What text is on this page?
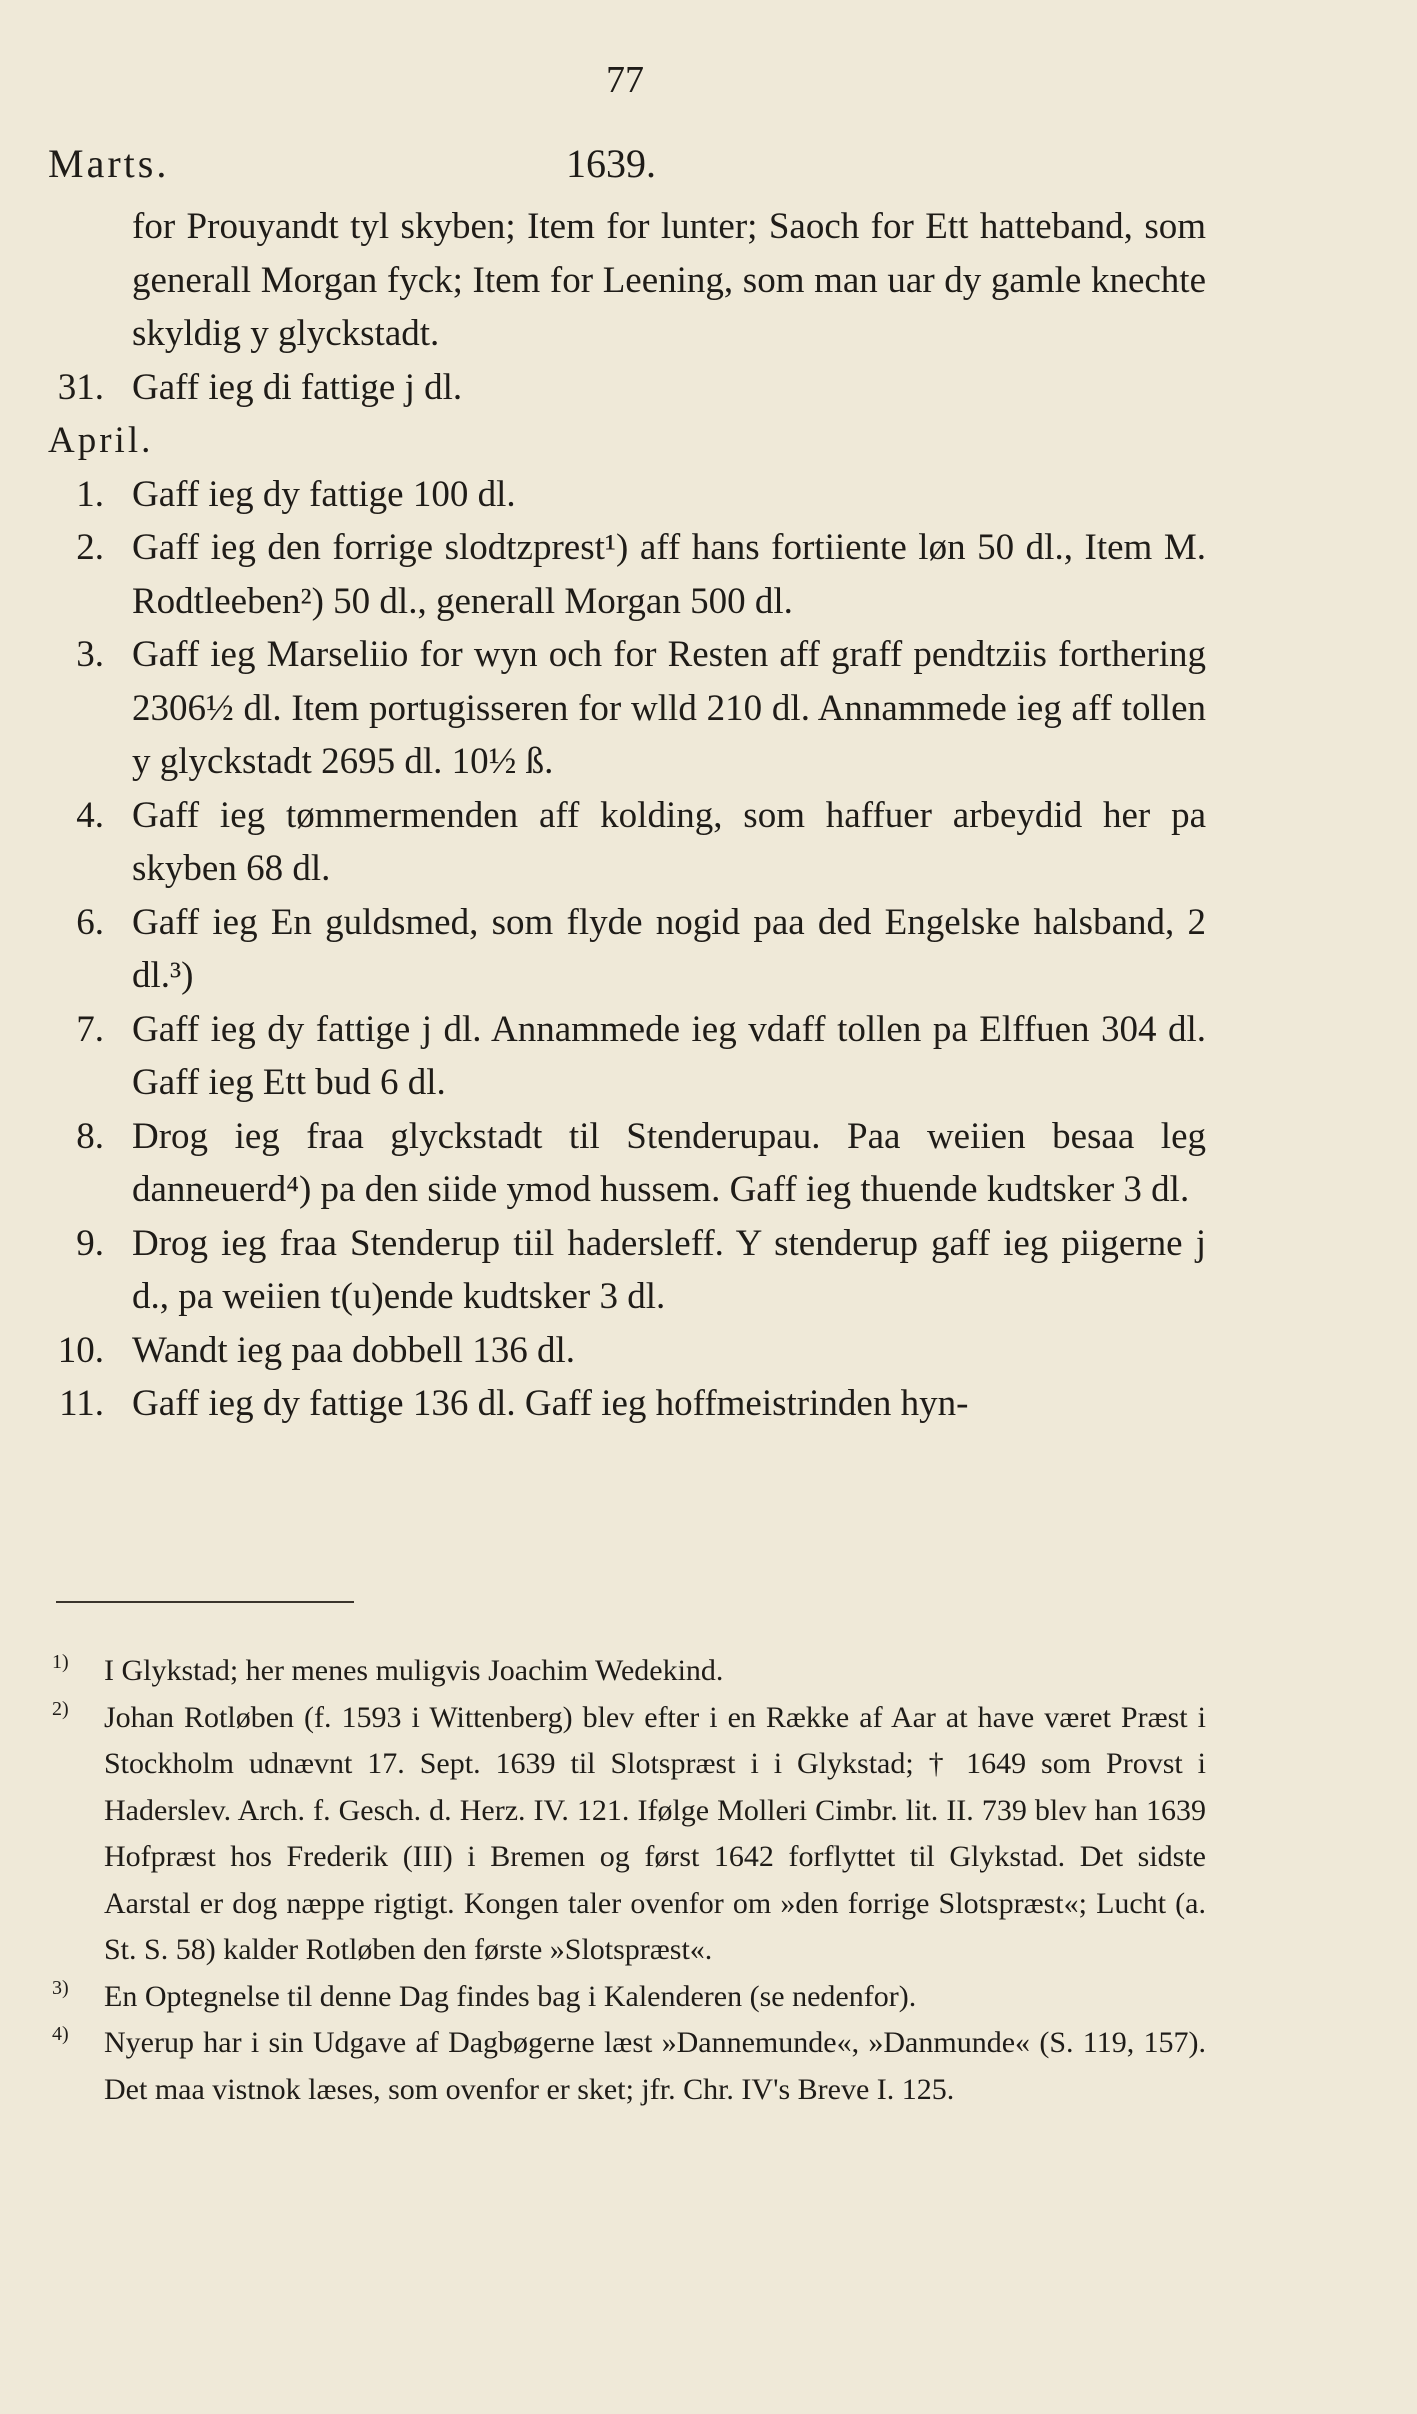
77
Marts.	1639.
for Prouyandt tyl skyben; Item for lunter; Saoch for Ett hatteband, som generall Morgan fyck; Item for Leening, som man uar dy gamle knechte skyldig y glyckstadt.
31. Gaff ieg di fattige j dl.
April.
1. Gaff ieg dy fattige 100 dl.
2. Gaff ieg den forrige slodtzprest¹) aff hans fortiiente løn 50 dl., Item M. Rodtleeben²) 50 dl., generall Morgan 500 dl.
3. Gaff ieg Marseliio for wyn och for Resten aff graff pendtziis forthering 2306½ dl. Item portugisseren for wlld 210 dl. Annammede ieg aff tollen y glyckstadt 2695 dl. 10½ ß.
4. Gaff ieg tømmermenden aff kolding, som haffuer arbeydid her pa skyben 68 dl.
6. Gaff ieg En guldsmed, som flyde nogid paa ded Engelske halsband, 2 dl.³)
7. Gaff ieg dy fattige j dl. Annammede ieg vdaff tollen pa Elffuen 304 dl. Gaff ieg Ett bud 6 dl.
8. Drog ieg fraa glyckstadt til Stenderupau. Paa weiien besaa leg danneuerd⁴) pa den siide ymod hussem. Gaff ieg thuende kudtsker 3 dl.
9. Drog ieg fraa Stenderup tiil hadersleff. Y stenderup gaff ieg piigerne j d., pa weiien t(u)ende kudtsker 3 dl.
10. Wandt ieg paa dobbell 136 dl.
11. Gaff ieg dy fattige 136 dl. Gaff ieg hoffmeistrinden hyn-
1) I Glykstad; her menes muligvis Joachim Wedekind.
2) Johan Rotløben (f. 1593 i Wittenberg) blev efter i en Række af Aar at have været Præst i Stockholm udnævnt 17. Sept. 1639 til Slotspræst i i Glykstad; † 1649 som Provst i Haderslev. Arch. f. Gesch. d. Herz. IV. 121. Ifølge Molleri Cimbr. lit. II. 739 blev han 1639 Hofpræst hos Frederik (III) i Bremen og først 1642 forflyttet til Glykstad. Det sidste Aarstal er dog næppe rigtigt. Kongen taler ovenfor om »den forrige Slotspræst«; Lucht (a. St. S. 58) kalder Rotløben den første »Slotspræst«.
3) En Optegnelse til denne Dag findes bag i Kalenderen (se nedenfor).
4) Nyerup har i sin Udgave af Dagbøgerne læst »Dannemunde«, »Danmunde« (S. 119, 157). Det maa vistnok læses, som ovenfor er sket; jfr. Chr. IV's Breve I. 125.
